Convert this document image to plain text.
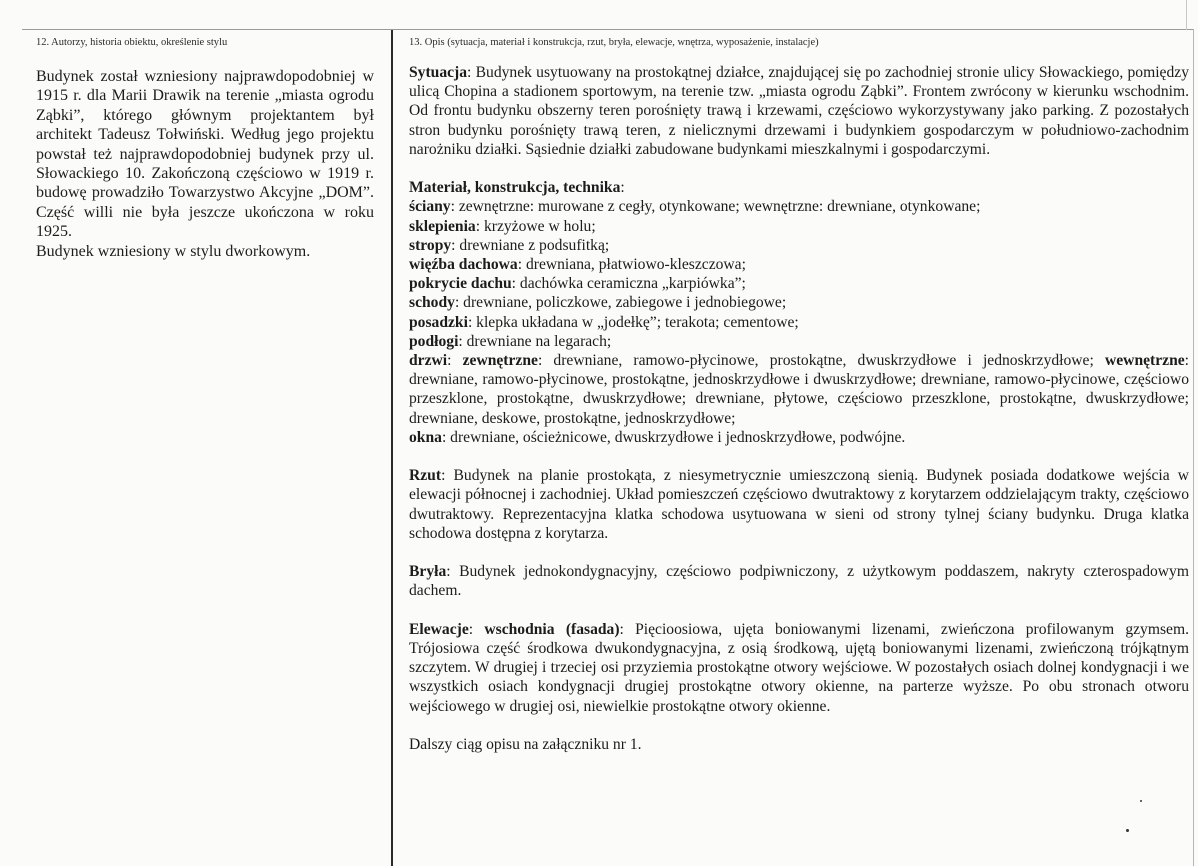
12. Autorzy, historia obiektu, określenie stylu

Budynek został wzniesiony najprawdopodobniej w 1915 r. dla Marii Drawik na terenie „miasta ogrodu Ząbki”, którego głównym projektantem był architekt Tadeusz Tołwiński. Według jego projektu powstał też najprawdopodobniej budynek przy ul. Słowackiego 10. Zakończoną częściowo w 1919 r. budowę prowadziło Towarzystwo Akcyjne „DOM”. Część willi nie była jeszcze ukończona w roku 1925.

Budynek wzniesiony w stylu dworkowym.

13. Opis (sytuacja, materiał i konstrukcja, rzut, bryła, elewacje, wnętrza, wyposażenie, instalacje)

Sytuacja: Budynek usytuowany na prostokątnej działce, znajdującej się po zachodniej stronie ulicy Słowackiego, pomiędzy ulicą Chopina a stadionem sportowym, na terenie tzw. „miasta ogrodu Ząbki”. Frontem zwrócony w kierunku wschodnim. Od frontu budynku obszerny teren porośnięty trawą i krzewami, częściowo wykorzystywany jako parking. Z pozostałych stron budynku porośnięty trawą teren, z nielicznymi drzewami i budynkiem gospodarczym w południowo-zachodnim narożniku działki. Sąsiednie działki zabudowane budynkami mieszkalnymi i gospodarczymi.

Materiał, konstrukcja, technika:
ściany: zewnętrzne: murowane z cegły, otynkowane; wewnętrzne: drewniane, otynkowane;
sklepienia: krzyżowe w holu;
stropy: drewniane z podsufitką;
więźba dachowa: drewniana, płatwiowo-kleszczowa;
pokrycie dachu: dachówka ceramiczna „karpiówka”;
schody: drewniane, policzkowe, zabiegowe i jednobiegowe;
posadzki: klepka układana w „jodełkę”; terakota; cementowe;
podłogi: drewniane na legarach;
drzwi: zewnętrzne: drewniane, ramowo-płycinowe, prostokątne, dwuskrzydłowe i jednoskrzydłowe; wewnętrzne: drewniane, ramowo-płycinowe, prostokątne, jednoskrzydłowe i dwuskrzydłowe; drewniane, ramowo-płycinowe, częściowo przeszklone, prostokątne, dwuskrzydłowe; drewniane, płytowe, częściowo przeszklone, prostokątne, dwuskrzydłowe; drewniane, deskowe, prostokątne, jednoskrzydłowe;
okna: drewniane, ościeżnicowe, dwuskrzydłowe i jednoskrzydłowe, podwójne.

Rzut: Budynek na planie prostokąta, z niesymetrycznie umieszczoną sienią. Budynek posiada dodatkowe wejścia w elewacji północnej i zachodniej. Układ pomieszczeń częściowo dwutraktowy z korytarzem oddzielającym trakty, częściowo dwutraktowy. Reprezentacyjna klatka schodowa usytuowana w sieni od strony tylnej ściany budynku. Druga klatka schodowa dostępna z korytarza.

Bryła: Budynek jednokondygnacyjny, częściowo podpiwniczony, z użytkowym poddaszem, nakryty czterospadowym dachem.

Elewacje: wschodnia (fasada): Pięcioosiowa, ujęta boniowanymi lizenami, zwieńczona profilowanym gzymsem. Trójosiowa część środkowa dwukondygnacyjna, z osią środkową, ujętą boniowanymi lizenami, zwieńczoną trójkątnym szczytem. W drugiej i trzeciej osi przyziemia prostokątne otwory wejściowe. W pozostałych osiach dolnej kondygnacji i we wszystkich osiach kondygnacji drugiej prostokątne otwory okienne, na parterze wyższe. Po obu stronach otworu wejściowego w drugiej osi, niewielkie prostokątne otwory okienne.

Dalszy ciąg opisu na załączniku nr 1.
